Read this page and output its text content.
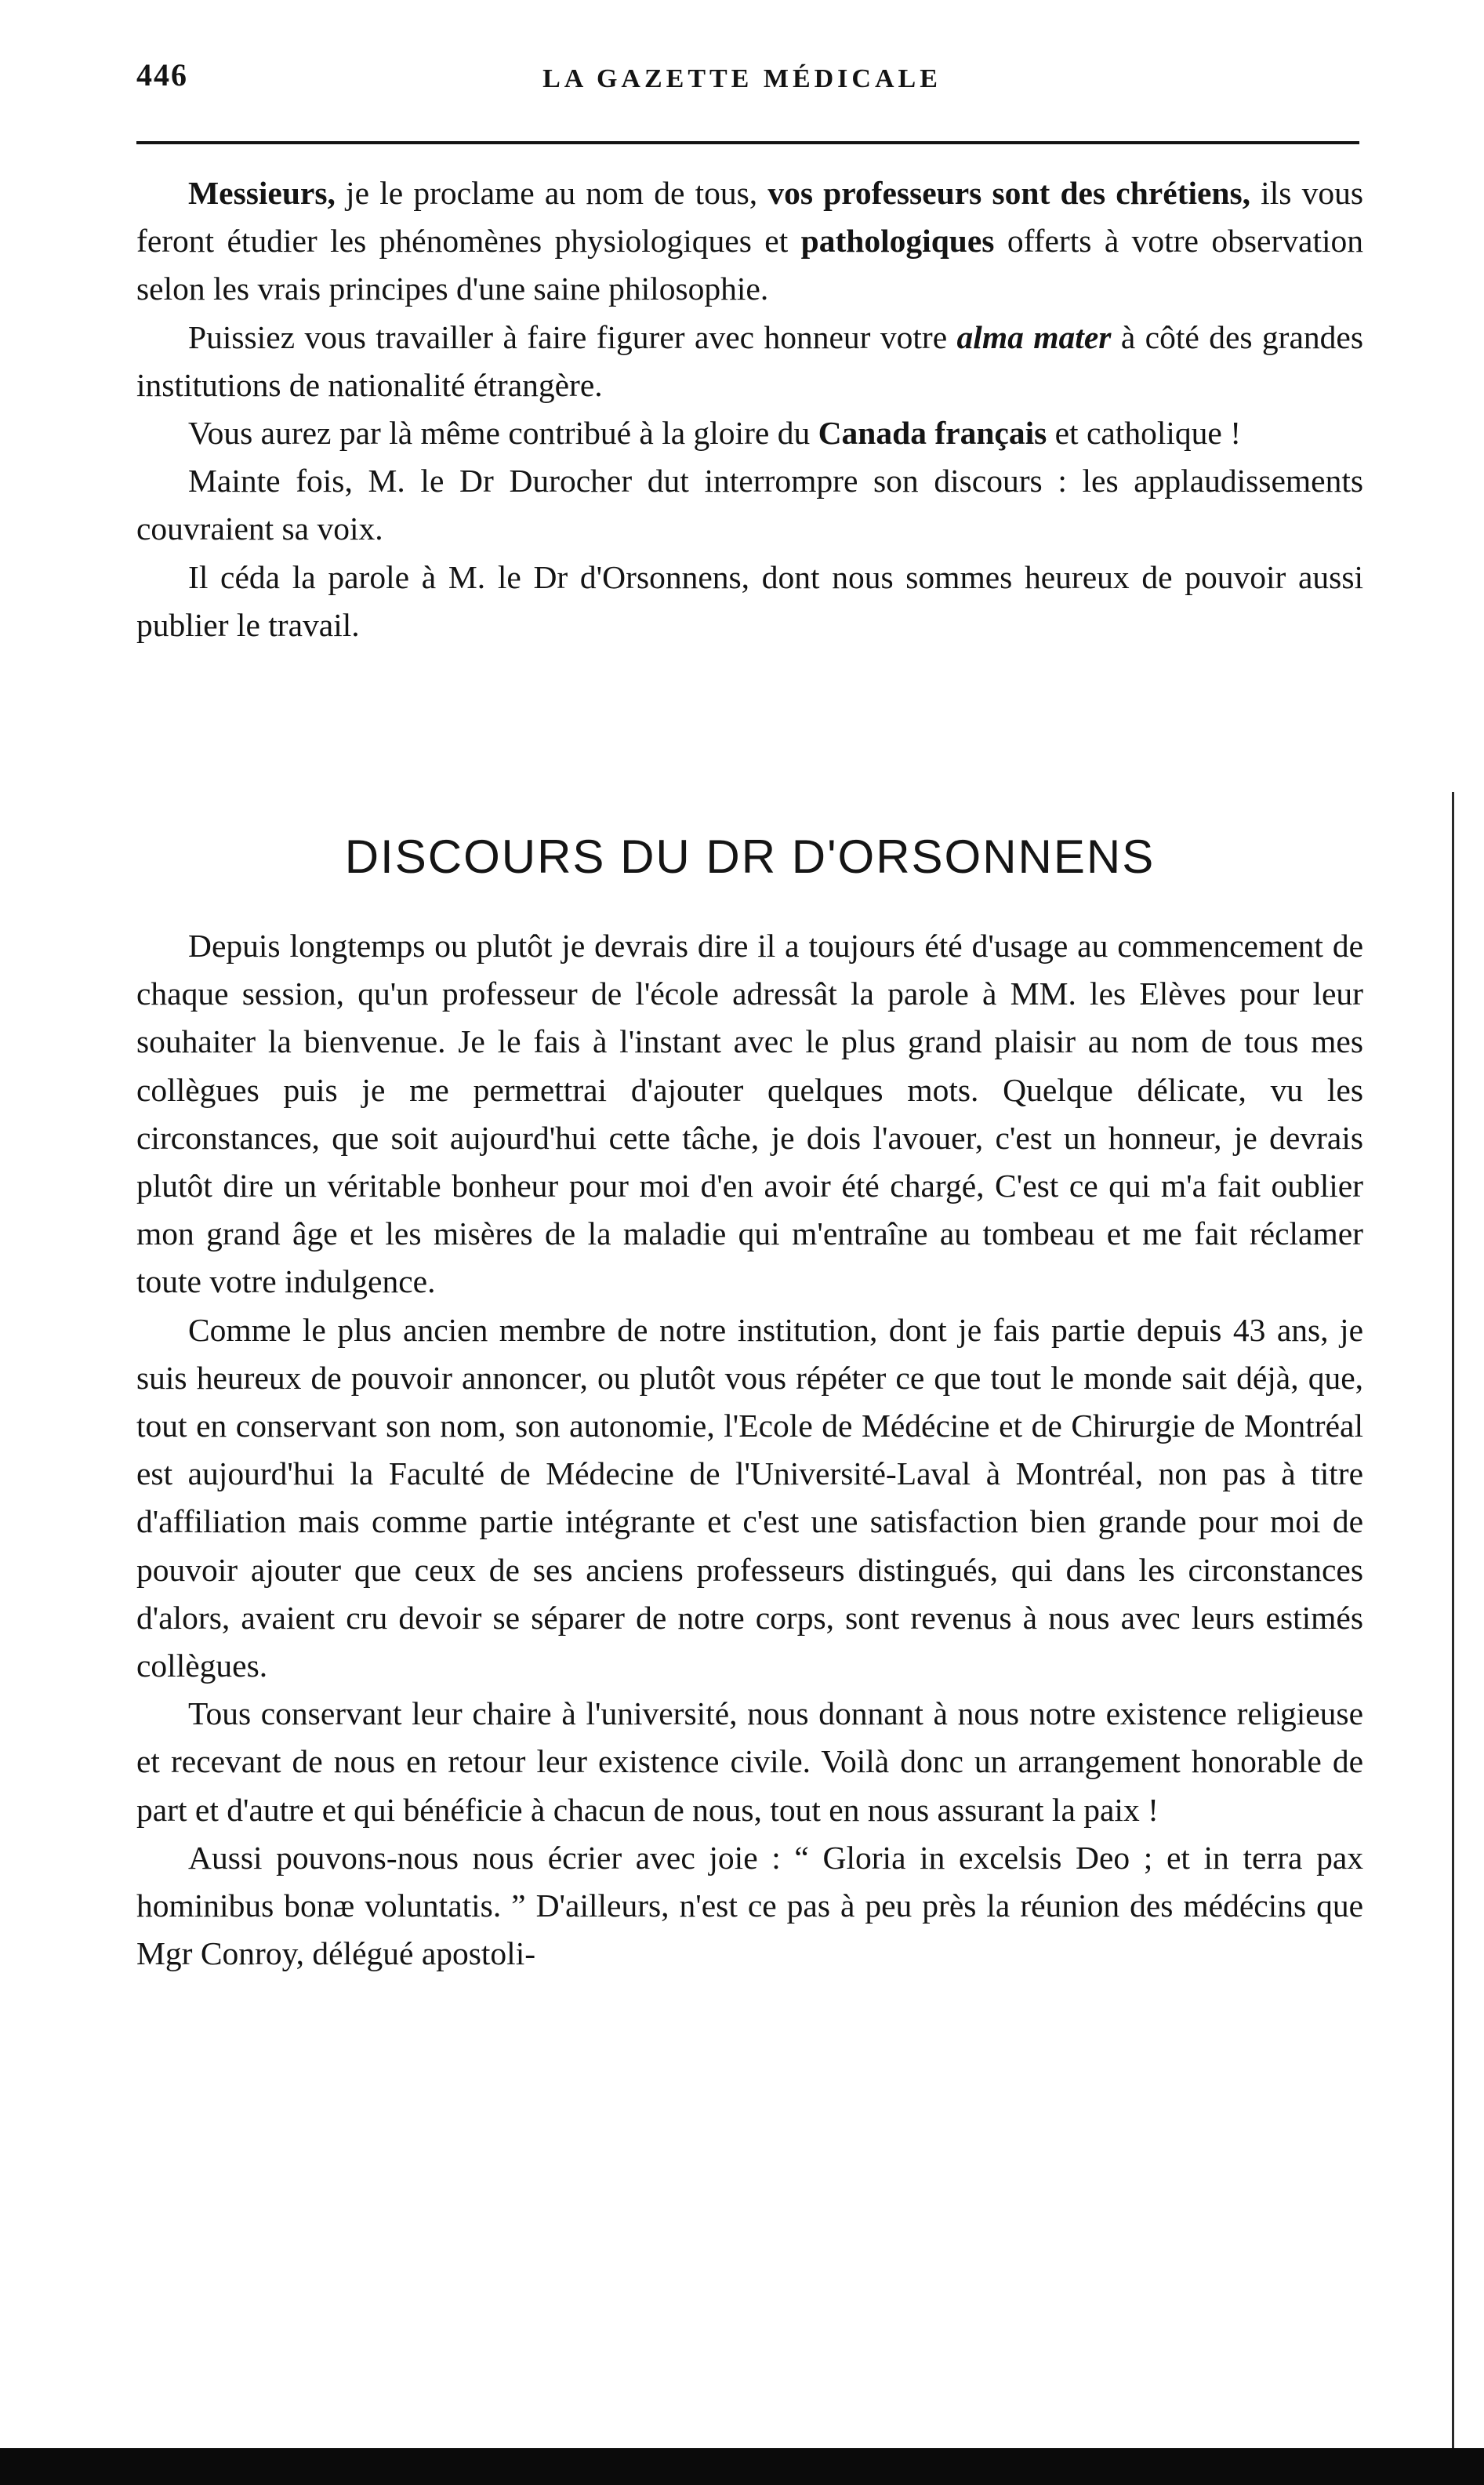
446	LA GAZETTE MÉDICALE

Messieurs, je le proclame au nom de tous, vos professeurs sont des chrétiens, ils vous feront étudier les phénomènes physiologiques et pathologiques offerts à votre observation selon les vrais principes d'une saine philosophie.

Puissiez vous travailler à faire figurer avec honneur votre alma mater à côté des grandes institutions de nationalité étrangère.

Vous aurez par là même contribué à la gloire du Canada français et catholique !

Mainte fois, M. le Dr Durocher dut interrompre son discours : les applaudissements couvraient sa voix.

Il céda la parole à M. le Dr d'Orsonnens, dont nous sommes heureux de pouvoir aussi publier le travail.

DISCOURS DU DR D'ORSONNENS

Depuis longtemps ou plutôt je devrais dire il a toujours été d'usage au commencement de chaque session, qu'un professeur de l'école adressât la parole à MM. les Elèves pour leur souhaiter la bienvenue. Je le fais à l'instant avec le plus grand plaisir au nom de tous mes collègues puis je me permettrai d'ajouter quelques mots. Quelque délicate, vu les circonstances, que soit aujourd'hui cette tâche, je dois l'avouer, c'est un honneur, je devrais plutôt dire un véritable bonheur pour moi d'en avoir été chargé, C'est ce qui m'a fait oublier mon grand âge et les misères de la maladie qui m'entraîne au tombeau et me fait réclamer toute votre indulgence.

Comme le plus ancien membre de notre institution, dont je fais partie depuis 43 ans, je suis heureux de pouvoir annoncer, ou plutôt vous répéter ce que tout le monde sait déjà, que, tout en conservant son nom, son autonomie, l'Ecole de Médécine et de Chirurgie de Montréal est aujourd'hui la Faculté de Médecine de l'Université-Laval à Montréal, non pas à titre d'affiliation mais comme partie intégrante et c'est une satisfaction bien grande pour moi de pouvoir ajouter que ceux de ses anciens professeurs distingués, qui dans les circonstances d'alors, avaient cru devoir se séparer de notre corps, sont revenus à nous avec leurs estimés collègues.

Tous conservant leur chaire à l'université, nous donnant à nous notre existence religieuse et recevant de nous en retour leur existence civile. Voilà donc un arrangement honorable de part et d'autre et qui bénéficie à chacun de nous, tout en nous assurant la paix !

Aussi pouvons-nous nous écrier avec joie : “ Gloria in excelsis Deo ; et in terra pax hominibus bonæ voluntatis. ” D'ailleurs, n'est ce pas à peu près la réunion des médécins que Mgr Conroy, délégué apostoli-
